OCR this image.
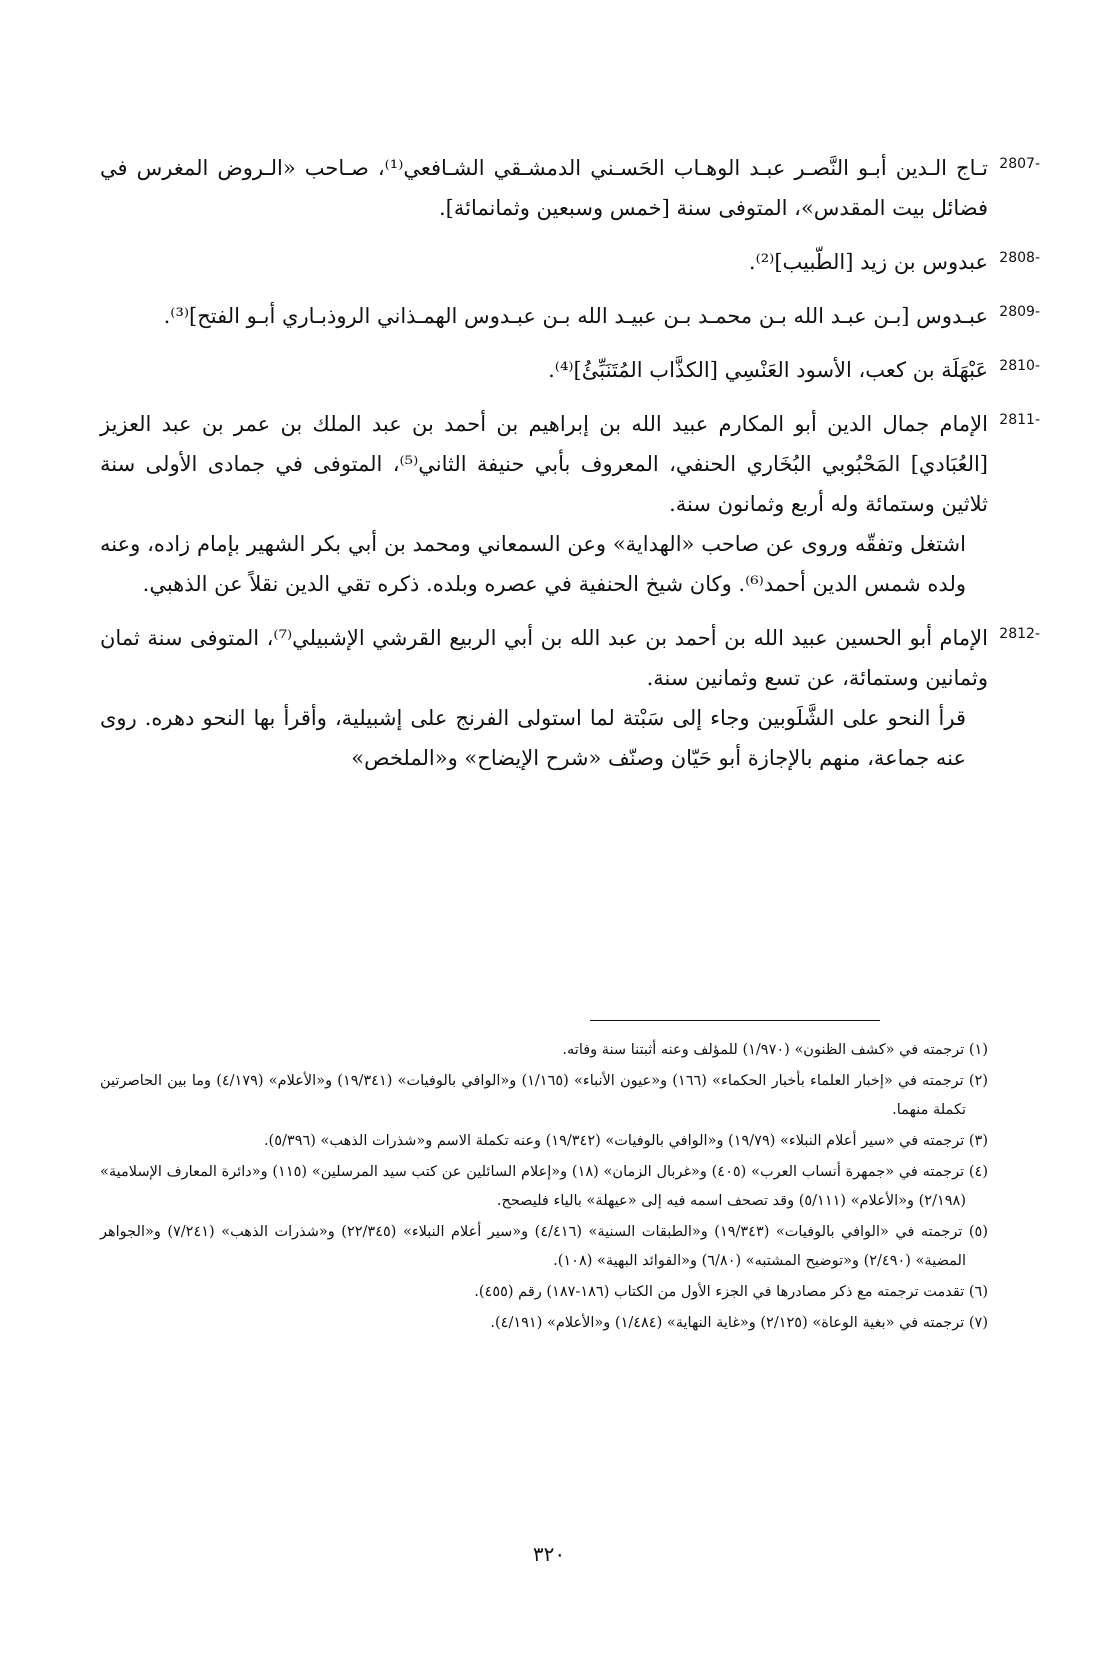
2807 -

تـاج الـدين أبـو النَّصـر عبـد الوهـاب الحَسـني الدمشـقي الشـافعي⁽¹⁾، صـاحب «الـروض المغرس في فضائل بيت المقدس»، المتوفى سنة [خمس وسبعين وثمانمائة].

2808 -

عبدوس بن زيد [الطّبيب]⁽²⁾.

2809 -

عبـدوس [بـن عبـد الله بـن محمـد بـن عبيـد الله بـن عبـدوس الهمـذاني الروذبـاري أبـو الفتح]⁽³⁾.

2810 -

عَبْهَلَة بن كعب، الأسود العَنْسِي [الكذَّاب المُتَنَبِّئُ]⁽⁴⁾.

2811 -

الإمام جمال الدين أبو المكارم عبيد الله بن إبراهيم بن أحمد بن عبد الملك بن عمر بن عبد العزيز [العُبَادي] المَحْبُوبي البُخَاري الحنفي، المعروف بأبي حنيفة الثاني⁽⁵⁾، المتوفى في جمادى الأولى سنة ثلاثين وستمائة وله أربع وثمانون سنة.

اشتغل وتفقّه وروى عن صاحب «الهداية» وعن السمعاني ومحمد بن أبي بكر الشهير بإمام زاده، وعنه ولده شمس الدين أحمد⁽⁶⁾. وكان شيخ الحنفية في عصره وبلده. ذكره تقي الدين نقلاً عن الذهبي.

2812 -

الإمام أبو الحسين عبيد الله بن أحمد بن عبد الله بن أبي الربيع القرشي الإشبيلي⁽⁷⁾، المتوفى سنة ثمان وثمانين وستمائة، عن تسع وثمانين سنة.

قرأ النحو على الشَّلَوبين وجاء إلى سَبْتة لما استولى الفرنج على إشبيلية، وأقرأ بها النحو دهره. روى عنه جماعة، منهم بالإجازة أبو حَيّان وصنّف «شرح الإيضاح» و«الملخص»

(١) ترجمته في «كشف الظنون» (١/٩٧٠) للمؤلف وعنه أثبتنا سنة وفاته.

(٢) ترجمته في «إخبار العلماء بأخبار الحكماء» (١٦٦) و«عيون الأنباء» (١/١٦٥) و«الوافي بالوفيات» (١٩/٣٤١) و«الأعلام» (٤/١٧٩) وما بين الحاصرتين تكملة منهما.

(٣) ترجمته في «سير أعلام النبلاء» (١٩/٧٩) و«الوافي بالوفيات» (١٩/٣٤٢) وعنه تكملة الاسم و«شذرات الذهب» (٥/٣٩٦).

(٤) ترجمته في «جمهرة أنساب العرب» (٤٠٥) و«غربال الزمان» (١٨) و«إعلام السائلين عن كتب سيد المرسلين» (١١٥) و«دائرة المعارف الإسلامية» (٢/١٩٨) و«الأعلام» (٥/١١١) وقد تصحف اسمه فيه إلى «عيهلة» بالياء فليصحح.

(٥) ترجمته في «الوافي بالوفيات» (١٩/٣٤٣) و«الطبقات السنية» (٤/٤١٦) و«سير أعلام النبلاء» (٢٢/٣٤٥) و«شذرات الذهب» (٧/٢٤١) و«الجواهر المضية» (٢/٤٩٠) و«توضيح المشتبه» (٦/٨٠) و«الفوائد البهية» (١٠٨).

(٦) تقدمت ترجمته مع ذكر مصادرها في الجزء الأول من الكتاب (١٨٦-١٨٧) رقم (٤٥٥).

(٧) ترجمته في «بغية الوعاة» (٢/١٢٥) و«غاية النهاية» (١/٤٨٤) و«الأعلام» (٤/١٩١).

٣٢٠
